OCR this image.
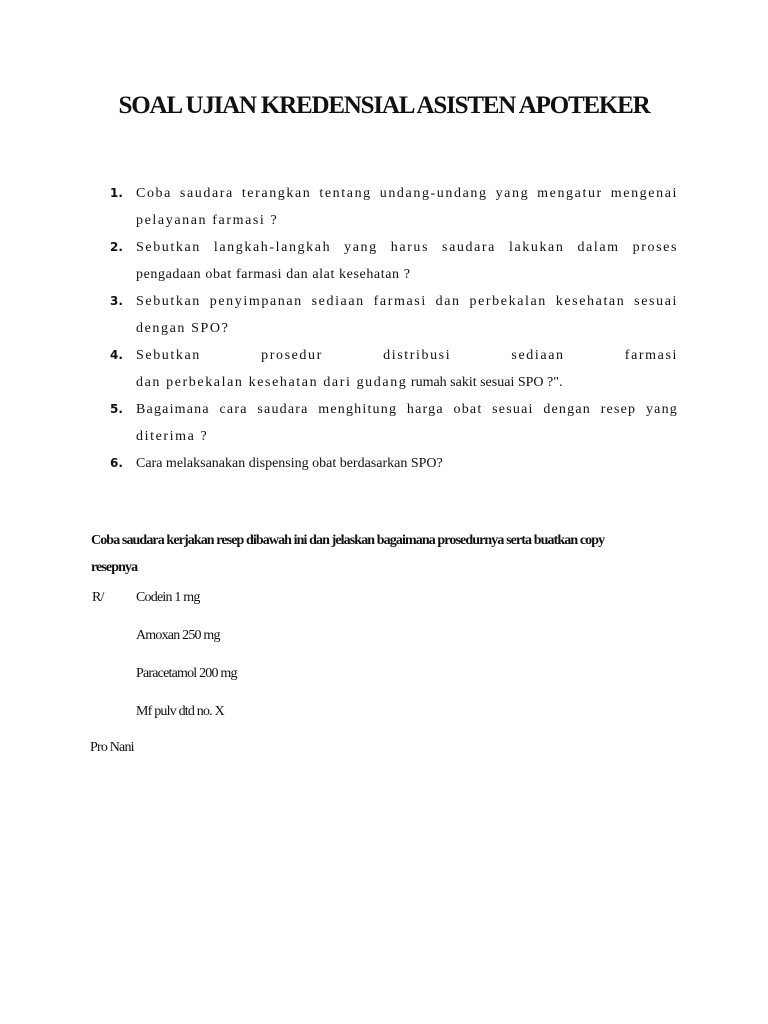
SOAL UJIAN KREDENSIAL ASISTEN APOTEKER
1. Coba saudara terangkan tentang undang-undang yang mengatur mengenai
pelayanan farmasi ?
2. Sebutkan langkah-langkah yang harus saudara lakukan dalam proses
pengadaan obat farmasi dan alat kesehatan ?
3. Sebutkan penyimpanan sediaan farmasi dan perbekalan kesehatan sesuai
dengan SPO?
4. Sebutkan prosedur distribusi sediaan farmasi
dan perbekalan kesehatan dari gudang rumah sakit sesuai SPO ?".
5. Bagaimana cara saudara menghitung harga obat sesuai dengan resep yang
diterima ?
6. Cara melaksanakan dispensing obat berdasarkan SPO?

Coba saudara kerjakan resep dibawah ini dan jelaskan bagaimana prosedurnya serta buatkan copy
resepnya

R/ Codein 1 mg
Amoxan 250 mg
Paracetamol 200 mg
Mf pulv dtd no. X
Pro Nani
